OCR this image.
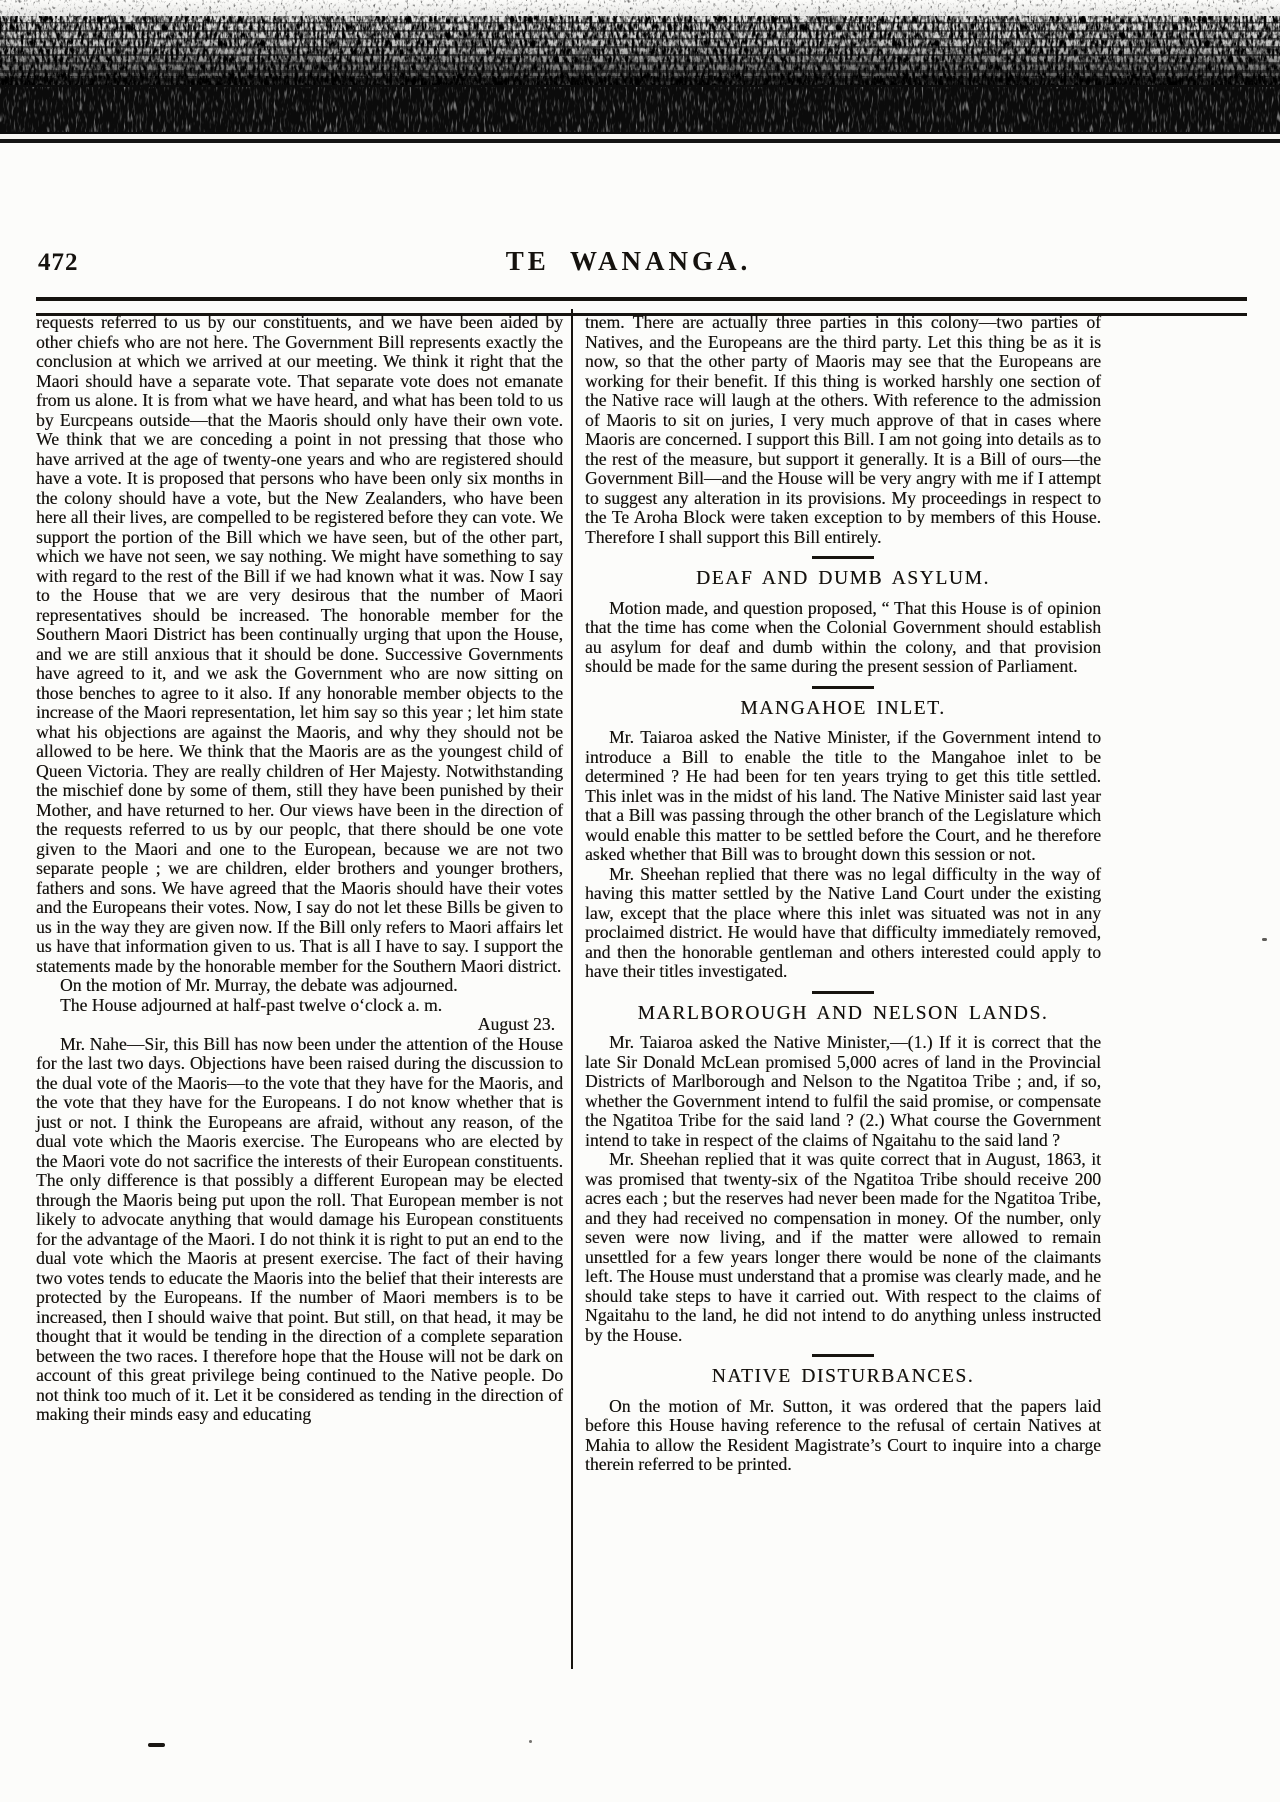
472	TE WANANGA.

requests referred to us by our constituents, and we have been aided by other chiefs who are not here. The Government Bill represents exactly the conclusion at which we arrived at our meeting. We think it right that the Maori should have a separate vote. That separate vote does not emanate from us alone. It is from what we have heard, and what has been told to us by Eurcpeans outside—that the Maoris should only have their own vote. We think that we are conceding a point in not pressing that those who have arrived at the age of twenty-one years and who are registered should have a vote. It is proposed that persons who have been only six months in the colony should have a vote, but the New Zealanders, who have been here all their lives, are compelled to be registered before they can vote. We support the portion of the Bill which we have seen, but of the other part, which we have not seen, we say nothing. We might have something to say with regard to the rest of the Bill if we had known what it was. Now I say to the House that we are very desirous that the number of Maori representatives should be increased. The honorable member for the Southern Maori District has been continually urging that upon the House, and we are still anxious that it should be done. Successive Governments have agreed to it, and we ask the Government who are now sitting on those benches to agree to it also. If any honorable member objects to the increase of the Maori representation, let him say so this year ; let him state what his objections are against the Maoris, and why they should not be allowed to be here. We think that the Maoris are as the youngest child of Queen Victoria. They are really children of Her Majesty. Notwithstanding the mischief done by some of them, still they have been punished by their Mother, and have returned to her. Our views have been in the direction of the requests referred to us by our peoplc, that there should be one vote given to the Maori and one to the European, because we are not two separate people ; we are children, elder brothers and younger brothers, fathers and sons. We have agreed that the Maoris should have their votes and the Europeans their votes. Now, I say do not let these Bills be given to us in the way they are given now. If the Bill only refers to Maori affairs let us have that information given to us. That is all I have to say. I support the statements made by the honorable member for the Southern Maori district.

On the motion of Mr. Murray, the debate was adjourned.

The House adjourned at half-past twelve o‘clock a. m.

August 23.

Mr. Nahe—Sir, this Bill has now been under the attention of the House for the last two days. Objections have been raised during the discussion to the dual vote of the Maoris—to the vote that they have for the Maoris, and the vote that they have for the Europeans. I do not know whether that is just or not. I think the Europeans are afraid, without any reason, of the dual vote which the Maoris exercise. The Europeans who are elected by the Maori vote do not sacrifice the interests of their European constituents. The only difference is that possibly a different European may be elected through the Maoris being put upon the roll. That European member is not likely to advocate anything that would damage his European constituents for the advantage of the Maori. I do not think it is right to put an end to the dual vote which the Maoris at present exercise. The fact of their having two votes tends to educate the Maoris into the belief that their interests are protected by the Europeans. If the number of Maori members is to be increased, then I should waive that point. But still, on that head, it may be thought that it would be tending in the direction of a complete separation between the two races. I therefore hope that the House will not be dark on account of this great privilege being continued to the Native people. Do not think too much of it. Let it be considered as tending in the direction of making their minds easy and educating

tnem. There are actually three parties in this colony—two parties of Natives, and the Europeans are the third party. Let this thing be as it is now, so that the other party of Maoris may see that the Europeans are working for their benefit. If this thing is worked harshly one section of the Native race will laugh at the others. With reference to the admission of Maoris to sit on juries, I very much approve of that in cases where Maoris are concerned. I support this Bill. I am not going into details as to the rest of the measure, but support it generally. It is a Bill of ours—the Government Bill—and the House will be very angry with me if I attempt to suggest any alteration in its provisions. My proceedings in respect to the Te Aroha Block were taken exception to by members of this House. Therefore I shall support this Bill entirely.

DEAF AND DUMB ASYLUM.

Motion made, and question proposed, “ That this House is of opinion that the time has come when the Colonial Government should establish au asylum for deaf and dumb within the colony, and that provision should be made for the same during the present session of Parliament.

MANGAHOE INLET.

Mr. Taiaroa asked the Native Minister, if the Government intend to introduce a Bill to enable the title to the Mangahoe inlet to be determined ? He had been for ten years trying to get this title settled. This inlet was in the midst of his land. The Native Minister said last year that a Bill was passing through the other branch of the Legislature which would enable this matter to be settled before the Court, and he therefore asked whether that Bill was to brought down this session or not.

Mr. Sheehan replied that there was no legal difficulty in the way of having this matter settled by the Native Land Court under the existing law, except that the place where this inlet was situated was not in any proclaimed district. He would have that difficulty immediately removed, and then the honorable gentleman and others interested could apply to have their titles investigated.

MARLBOROUGH AND NELSON LANDS.

Mr. Taiaroa asked the Native Minister,—(1.) If it is correct that the late Sir Donald McLean promised 5,000 acres of land in the Provincial Districts of Marlborough and Nelson to the Ngatitoa Tribe ; and, if so, whether the Government intend to fulfil the said promise, or compensate the Ngatitoa Tribe for the said land ? (2.) What course the Government intend to take in respect of the claims of Ngaitahu to the said land ?

Mr. Sheehan replied that it was quite correct that in August, 1863, it was promised that twenty-six of the Ngatitoa Tribe should receive 200 acres each ; but the reserves had never been made for the Ngatitoa Tribe, and they had received no compensation in money. Of the number, only seven were now living, and if the matter were allowed to remain unsettled for a few years longer there would be none of the claimants left. The House must understand that a promise was clearly made, and he should take steps to have it carried out. With respect to the claims of Ngaitahu to the land, he did not intend to do anything unless instructed by the House.

NATIVE DISTURBANCES.

On the motion of Mr. Sutton, it was ordered that the papers laid before this House having reference to the refusal of certain Natives at Mahia to allow the Resident Magistrate’s Court to inquire into a charge therein referred to be printed.
